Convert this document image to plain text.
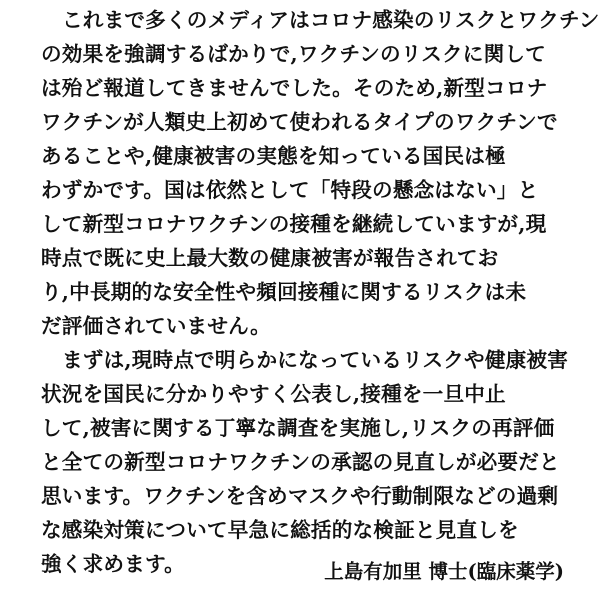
これまで多くのメディアはコロナ感染のリスクとワクチン
の効果を強調するばかりで,ワクチンのリスクに関して
は殆ど報道してきませんでした。そのため,新型コロナ
ワクチンが人類史上初めて使われるタイプのワクチンで
あることや,健康被害の実態を知っている国民は極
わずかです。国は依然として「特段の懸念はない」と
して新型コロナワクチンの接種を継続していますが,現
時点で既に史上最大数の健康被害が報告されてお
り,中長期的な安全性や頻回接種に関するリスクは未
だ評価されていません。
まずは,現時点で明らかになっているリスクや健康被害
状況を国民に分かりやすく公表し,接種を一旦中止
して,被害に関する丁寧な調査を実施し,リスクの再評価
と全ての新型コロナワクチンの承認の見直しが必要だと
思います。ワクチンを含めマスクや行動制限などの過剰
な感染対策について早急に総括的な検証と見直しを
強く求めます。	上島有加里 博士(臨床薬学)
